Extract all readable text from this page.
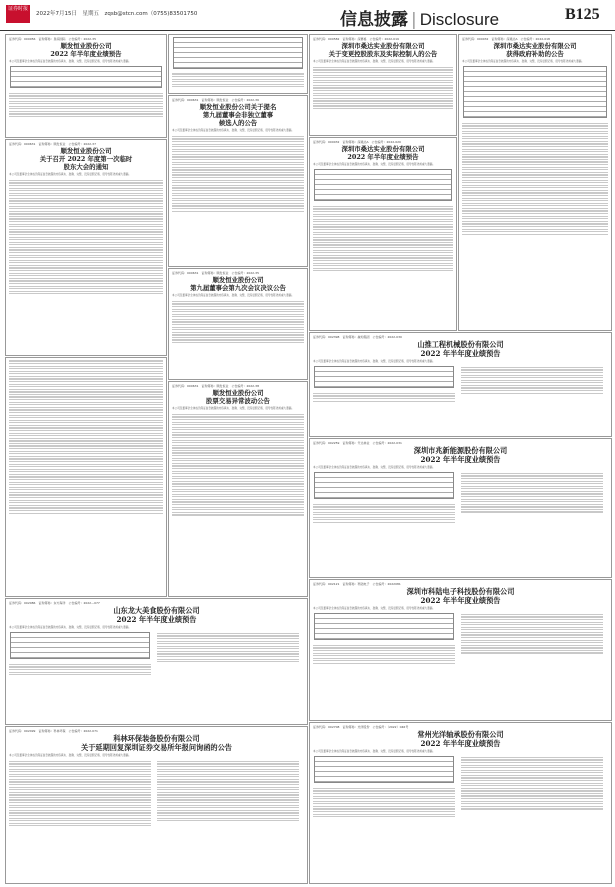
证券时报
2022年7月15日　星期五　zqsb@stcn.com（0755)83501750	信息披露 | Disclosure	B125
证券代码：000056　证券简称：皇庭国际　公告编号：2022-35
顺发恒业股份公司
2022 年半年度业绩预告
本公司及董事会全体成员保证信息披露的内容真实、准确、完整，没有虚假记载、误导性陈述或重大遗漏。
证券代码：000631　证券简称：顺发恒业　公告编号：2022-37
顺发恒业股份公司
关于召开 2022 年度第一次临时
股东大会的通知
本公司及董事会全体成员保证信息披露的内容真实、准确、完整，没有虚假记载、误导性陈述或重大遗漏。
证券代码：000631　证券简称：顺发恒业　公告编号：2022-36
顺发恒业股份公司关于提名
第九届董事会非独立董事
候选人的公告
本公司及董事会全体成员保证信息披露的内容真实、准确、完整，没有虚假记载、误导性陈述或重大遗漏。
证券代码：000631　证券简称：顺发恒业　公告编号：2022-35
顺发恒业股份公司
第九届董事会第九次会议决议公告
本公司及董事会全体成员保证信息披露的内容真实、准确、完整，没有虚假记载、误导性陈述或重大遗漏。
证券代码：000631　证券简称：顺发恒业　公告编号：2022-38
顺发恒业股份公司
股票交易异常波动公告
本公司及董事会全体成员保证信息披露的内容真实、准确、完整，没有虚假记载、误导性陈述或重大遗漏。
证券代码：002086　证券简称：东方海洋　公告编号：2022—077
山东龙大美食股份有限公司
2022 年半年度业绩预告
本公司及董事会全体成员保证信息披露的内容真实、准确、完整，没有虚假记载、误导性陈述或重大遗漏。
证券代码：002499　证券简称：科林环保　公告编号：2022-071
科林环保装备股份有限公司
关于延期回复深圳证券交易所年报问询函的公告
本公司及董事会全体成员保证信息披露的内容真实、准确、完整，没有虚假记载、误导性陈述或重大遗漏。
证券代码：000582　证券简称：深赛格　公告编号：2022-019
深圳市桑达实业股份有限公司
关于变更控股股东及实际控制人的公告
本公司及董事会全体成员保证信息披露的内容真实、准确、完整，没有虚假记载、误导性陈述或重大遗漏。
证券代码：000032　证券简称：深桑达A　公告编号：2022-020
深圳市桑达实业股份有限公司
2022 年半年度业绩预告
本公司及董事会全体成员保证信息披露的内容真实、准确、完整，没有虚假记载、误导性陈述或重大遗漏。
证券代码：000032　证券简称：深桑达A　公告编号：2022-018
深圳市桑达实业股份有限公司
获得政府补助的公告
本公司及董事会全体成员保证信息披露的内容真实、准确、完整，没有虚假记载、误导性陈述或重大遗漏。
证券代码：002398　证券简称：垒知集团　公告编号：2022-030
山推工程机械股份有限公司
2022 年半年度业绩预告
本公司及董事会全体成员保证信息披露的内容真实、准确、完整，没有虚假记载、误导性陈述或重大遗漏。
证券代码：002259　证券简称：升达林业　公告编号：2022-031
深圳市兆新能源股份有限公司
2022 年半年度业绩预告
本公司及董事会全体成员保证信息披露的内容真实、准确、完整，没有虚假记载、误导性陈述或重大遗漏。
证券代码：002121　证券简称：科陆电子　公告编号：2022081
深圳市科陆电子科技股份有限公司
2022 年半年度业绩预告
本公司及董事会全体成员保证信息披露的内容真实、准确、完整，没有虚假记载、误导性陈述或重大遗漏。
证券代码：002708　证券简称：光洋股份　公告编号：（2022）046号
常州光洋轴承股份有限公司
2022 年半年度业绩预告
本公司及董事会全体成员保证信息披露的内容真实、准确、完整，没有虚假记载、误导性陈述或重大遗漏。
